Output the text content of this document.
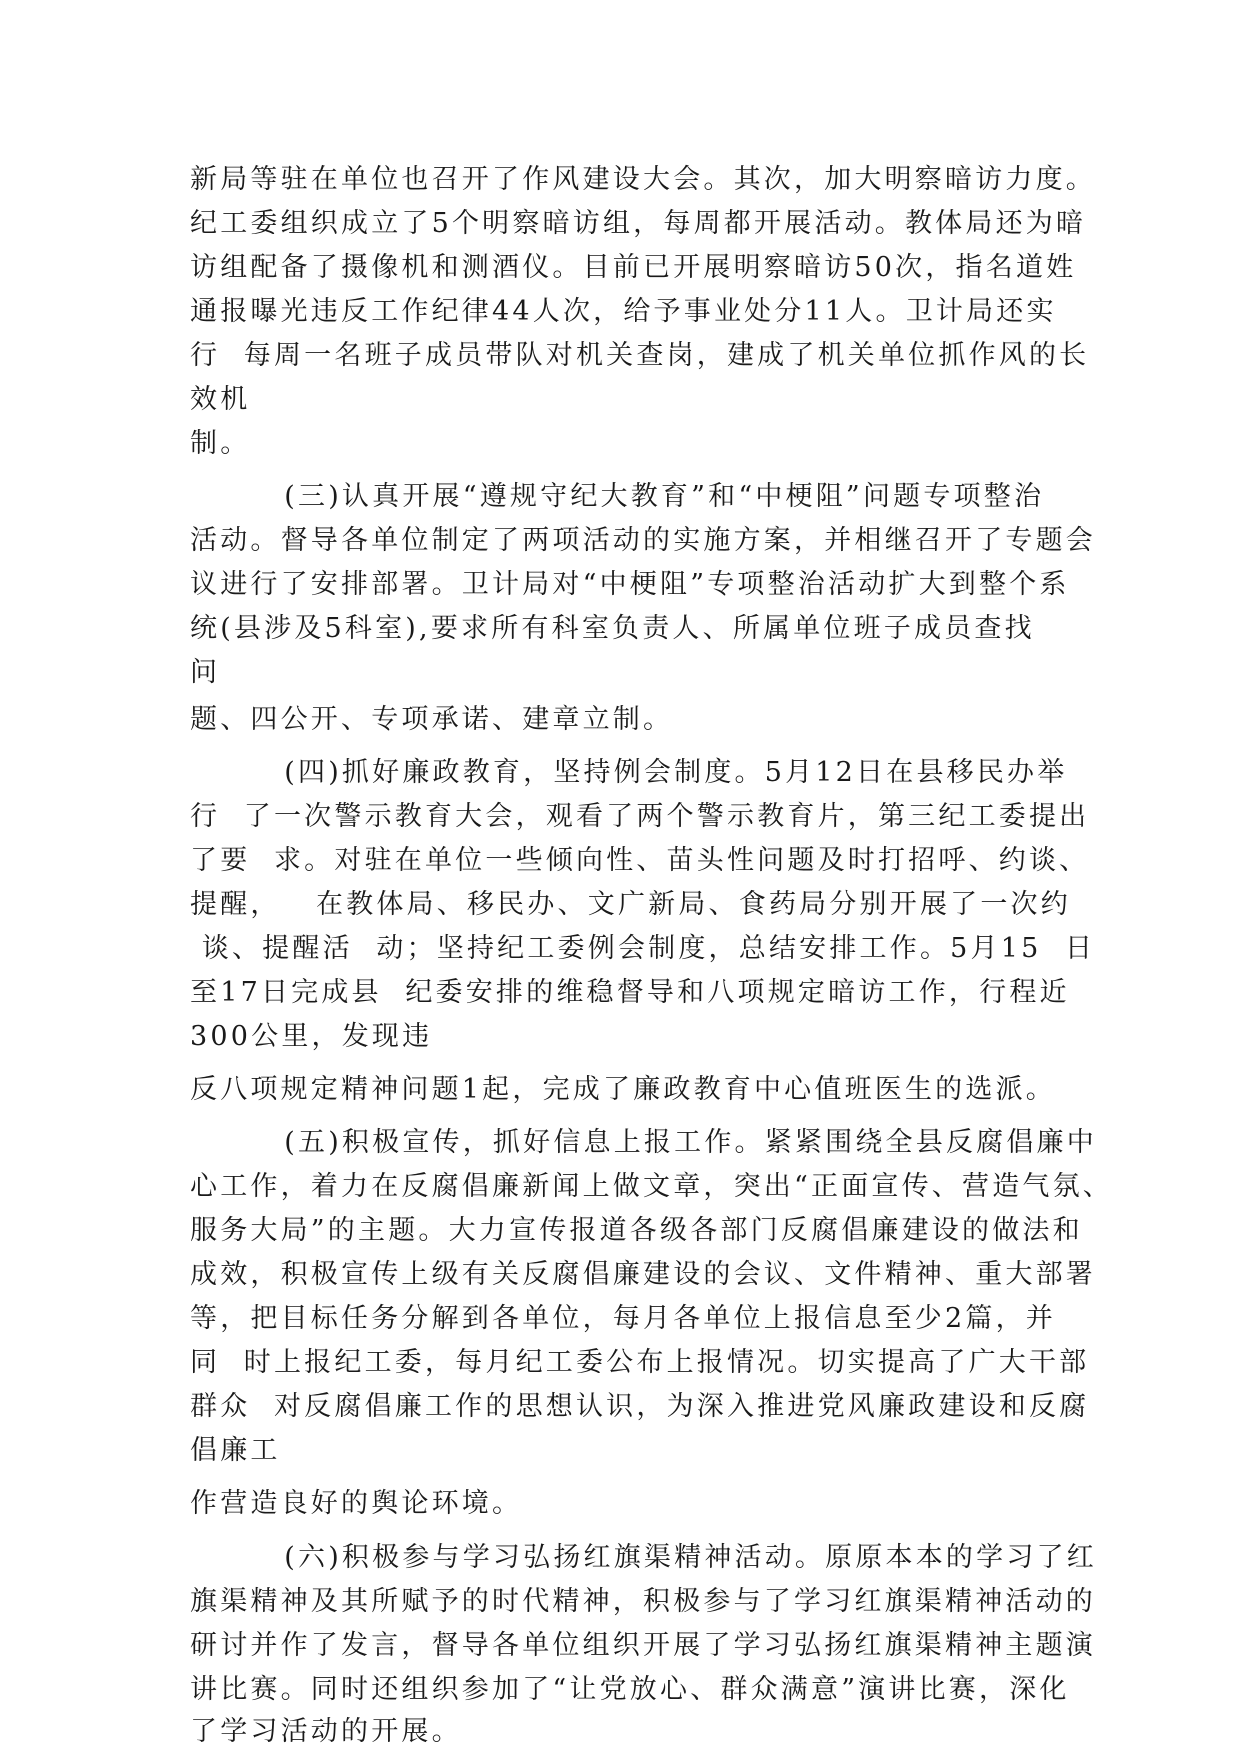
新局等驻在单位也召开了作风建设大会。其次，加大明察暗访力度。
纪工委组织成立了5个明察暗访组，每周都开展活动。教体局还为暗
访组配备了摄像机和测酒仪。目前已开展明察暗访50次，指名道姓
通报曝光违反工作纪律44人次，给予事业处分11人。卫计局还实
行  每周一名班子成员带队对机关查岗，建成了机关单位抓作风的长
效机
制。
(三)认真开展“遵规守纪大教育”和“中梗阻”问题专项整治
活动。督导各单位制定了两项活动的实施方案，并相继召开了专题会
议进行了安排部署。卫计局对“中梗阻”专项整治活动扩大到整个系
统(县涉及5科室),要求所有科室负责人、所属单位班子成员查找
问
题、四公开、专项承诺、建章立制。
(四)抓好廉政教育，坚持例会制度。5月12日在县移民办举
行  了一次警示教育大会，观看了两个警示教育片，第三纪工委提出
了要  求。对驻在单位一些倾向性、苗头性问题及时打招呼、约谈、
提醒，   在教体局、移民办、文广新局、食药局分别开展了一次约
谈、提醒活  动；坚持纪工委例会制度，总结安排工作。5月15  日
至17日完成县  纪委安排的维稳督导和八项规定暗访工作，行程近
300公里，发现违
反八项规定精神问题1起，完成了廉政教育中心值班医生的选派。
(五)积极宣传，抓好信息上报工作。紧紧围绕全县反腐倡廉中
心工作，着力在反腐倡廉新闻上做文章，突出“正面宣传、营造气氛、
服务大局”的主题。大力宣传报道各级各部门反腐倡廉建设的做法和
成效，积极宣传上级有关反腐倡廉建设的会议、文件精神、重大部署
等，把目标任务分解到各单位，每月各单位上报信息至少2篇，并
同  时上报纪工委，每月纪工委公布上报情况。切实提高了广大干部
群众  对反腐倡廉工作的思想认识，为深入推进党风廉政建设和反腐
倡廉工
作营造良好的舆论环境。
(六)积极参与学习弘扬红旗渠精神活动。原原本本的学习了红
旗渠精神及其所赋予的时代精神，积极参与了学习红旗渠精神活动的
研讨并作了发言，督导各单位组织开展了学习弘扬红旗渠精神主题演
讲比赛。同时还组织参加了“让党放心、群众满意”演讲比赛，深化
了学习活动的开展。
